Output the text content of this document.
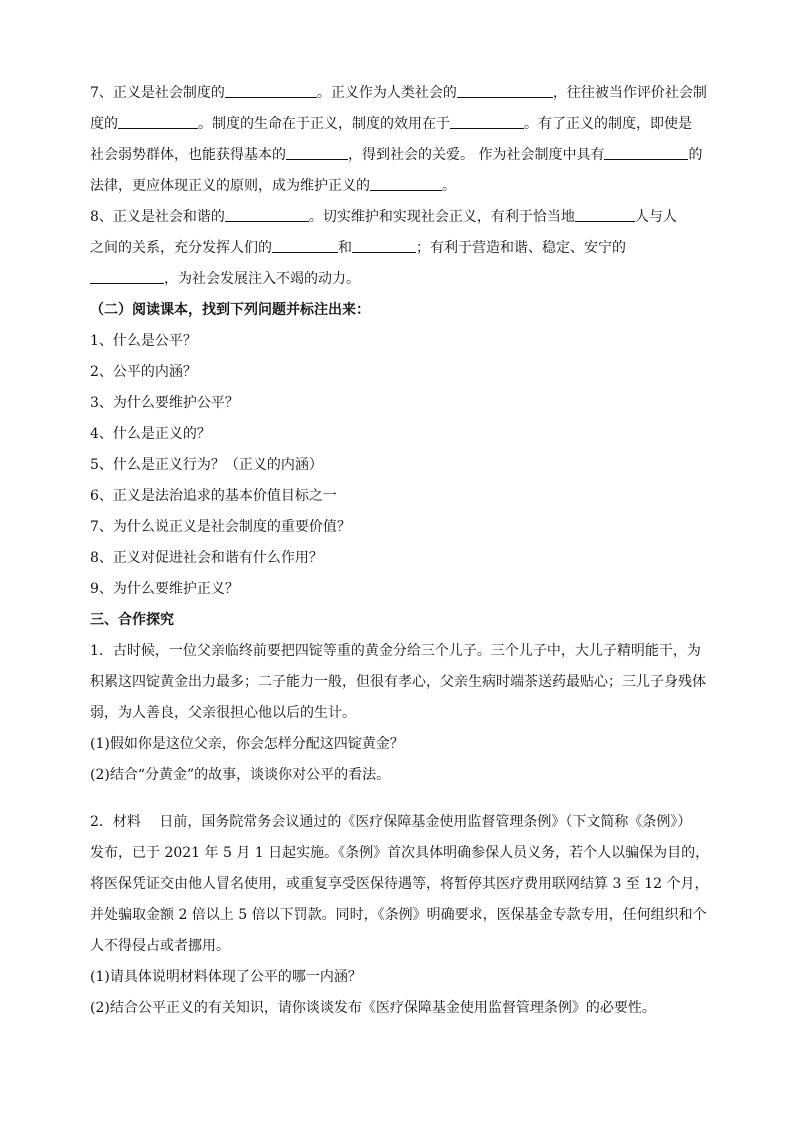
7、正义是社会制度的	。正义作为人类社会的	，往往被当作评价社会制
度的	。制度的生命在于正义，制度的效用在于	。有了正义的制度，即使是
社会弱势群体，也能获得基本的	，得到社会的关爱。 作为社会制度中具有	的
法律，更应体现正义的原则，成为维护正义的	。
8、正义是社会和谐的	。切实维护和实现社会正义，有利于恰当地	人与人
之间的关系，充分发挥人们的	和	；有利于营造和谐、稳定、安宁的
，为社会发展注入不竭的动力。

（二）阅读课本，找到下列问题并标注出来：

1、什么是公平？

2、公平的内涵？

3、为什么要维护公平？

4、什么是正义的？

5、什么是正义行为？（正义的内涵）

6、正义是法治追求的基本价值目标之一

7、为什么说正义是社会制度的重要价值？

8、正义对促进社会和谐有什么作用？

9、为什么要维护正义？

三、合作探究

1．古时候，一位父亲临终前要把四锭等重的黄金分给三个儿子。三个儿子中，大儿子精明能干，为
积累这四锭黄金出力最多；二子能力一般，但很有孝心，父亲生病时端茶送药最贴心；三儿子身残体
弱，为人善良，父亲很担心他以后的生计。

(1)假如你是这位父亲，你会怎样分配这四锭黄金？

(2)结合“分黄金”的故事，谈谈你对公平的看法。

2．材料　 日前，国务院常务会议通过的《医疗保障基金使用监督管理条例》（下文简称《条例》）
发布，已于 2021 年 5 月 1 日起实施。《条例》首次具体明确参保人员义务，若个人以骗保为目的，
将医保凭证交由他人冒名使用，或重复享受医保待遇等，将暂停其医疗费用联网结算 3 至 12 个月，
并处骗取金额 2 倍以上 5 倍以下罚款。同时，《条例》明确要求，医保基金专款专用，任何组织和个
人不得侵占或者挪用。

(1)请具体说明材料体现了公平的哪一内涵？

(2)结合公平正义的有关知识，请你谈谈发布《医疗保障基金使用监督管理条例》的必要性。
